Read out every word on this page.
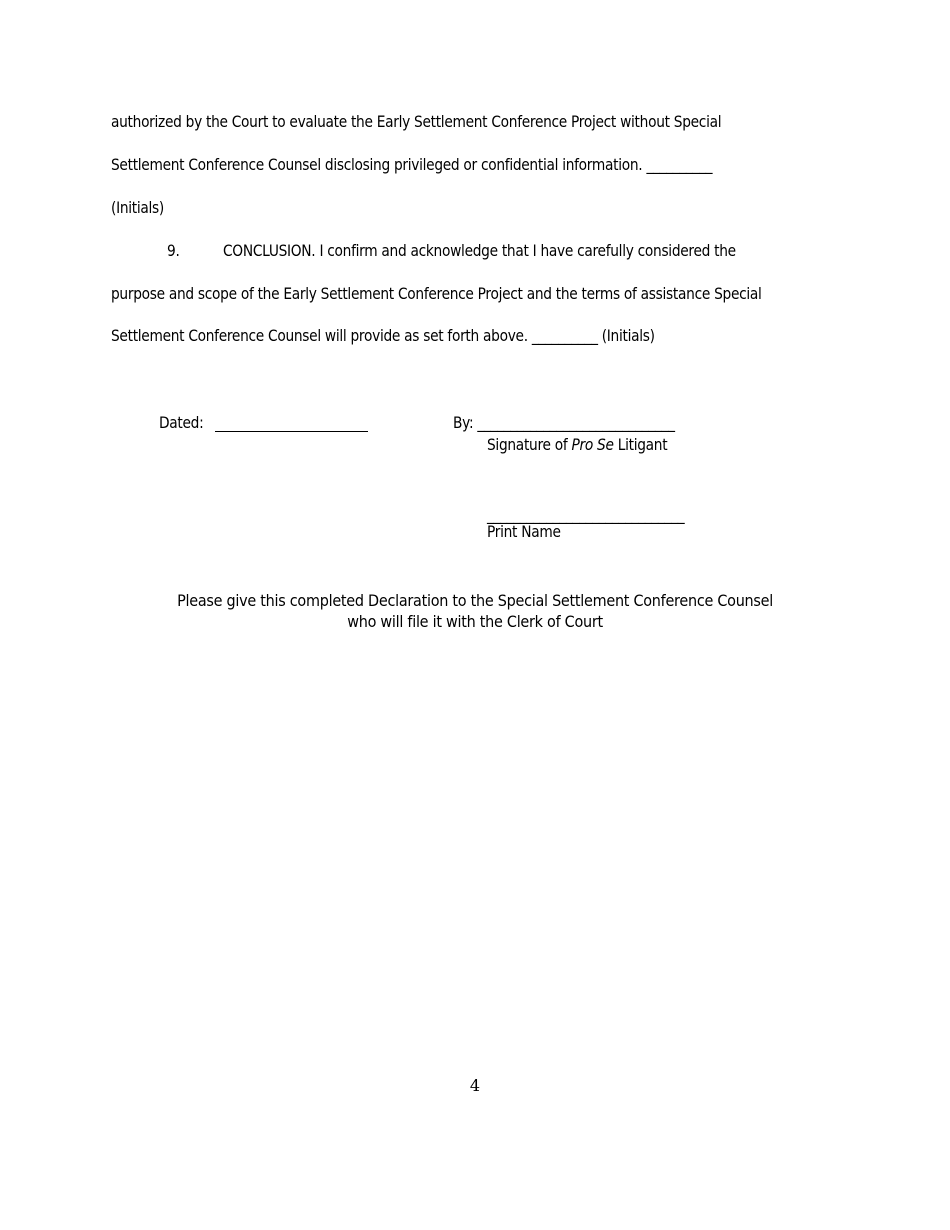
authorized by the Court to evaluate the Early Settlement Conference Project without Special
Settlement Conference Counsel disclosing privileged or confidential information. __________
(Initials)
9.	CONCLUSION. I confirm and acknowledge that I have carefully considered the
purpose and scope of the Early Settlement Conference Project and the terms of assistance Special
Settlement Conference Counsel will provide as set forth above. __________ (Initials)
Dated:	By: ______________________________
Signature of Pro Se Litigant
______________________________
Print Name
Please give this completed Declaration to the Special Settlement Conference Counsel
who will file it with the Clerk of Court
4
